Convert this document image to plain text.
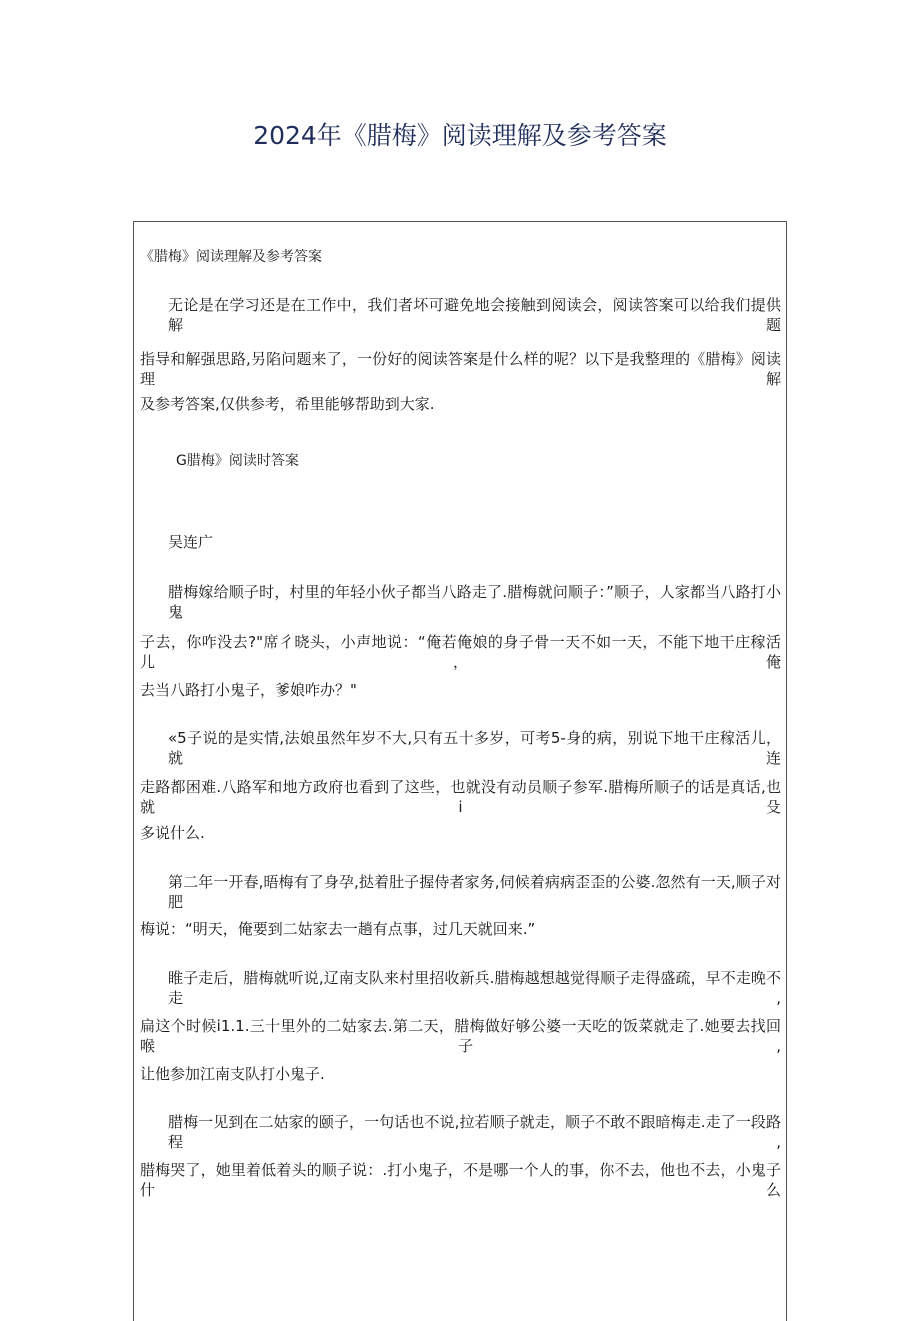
2024年《腊梅》阅读理解及参考答案
《腊梅》阅读理解及参考答案
无论是在学习还是在工作中，我们者坏可避免地会接触到阅读会，阅读答案可以给我们提供解题
指导和解强思路,另陷问题来了，一份好的阅读答案是什么样的呢？以下是我整理的《腊梅》阅读理解
及参考答案,仅供参考，希里能够帮助到大家.
G腊梅》阅读时答案
吴连广
腊梅嫁给顺子时，村里的年轻小伙子都当八路走了.腊梅就问顺子：”顺子，人家都当八路打小鬼
子去，你咋没去?"席彳晓头，小声地说：“俺若俺娘的身子骨一天不如一天，不能下地干庄稼活儿，俺
去当八路打小鬼子，爹娘咋办？"
«5子说的是实情,法娘虽然年岁不大,只有五十多岁，可考5-身的病，别说下地干庄稼活儿，就连
走路都困难.八路军和地方政府也看到了这些，也就没有动员顺子参军.腊梅所顺子的话是真话,也就i殳
多说什么.
第二年一开春,晤梅有了身孕,挞着肚子握侍者家务,伺候着病病歪歪的公婆.忽然有一天,顺子对肥
梅说：“明天，俺要到二姑家去一趟有点事，过几天就回来.”
睢子走后，腊梅就听说,辽南支队来村里招收新兵.腊梅越想越觉得顺子走得盛疏，早不走晚不走,
扁这个时候i1.1.三十里外的二姑家去.第二天，腊梅做好够公婆一天吃的饭菜就走了.她要去找回喉子,
让他参加江南支队打小鬼子.
腊梅一见到在二姑家的颐子，一句话也不说,拉若顺子就走，顺子不敢不跟暗梅走.走了一段路程,
腊梅哭了，她里着低着头的顺子说：.打小鬼子，不是哪一个人的事，你不去，他也不去，小鬼子什么
